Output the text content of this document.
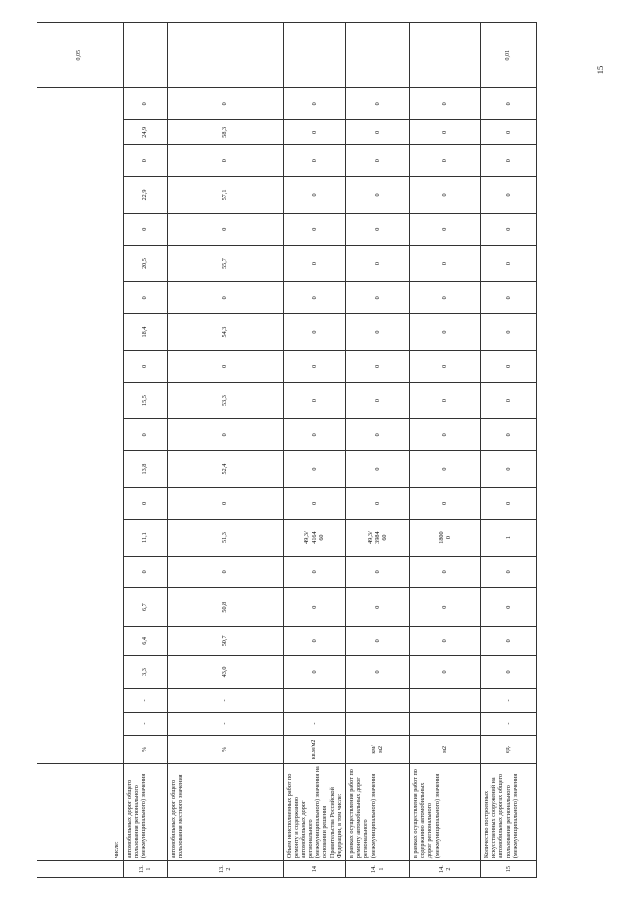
15
	числе:																						0,05
13.
1	автомобильных дорог общего пользования регионального (межмуниципального) значения	%	-	-	3,3	6,4	6,7	0	11,1	0	13,8	0	15,5	0	18,4	0	20,5	0	22,9	0	24,9	0	
13.
2	автомобильных дорог общего пользования местного значения	%	-	-	43,0	50,7	50,8	0	51,3	0	52,4	0	53,3	0	54,3	0	55,7	0	57,1	0	58,3	0	
14	Объем неисполненных работ по ремонту и содержанию автомобильных дорог регионального (межмуниципального) значения на основании решения Правительства Российской Федерации, в том числе:	кв.м/м2	-		0	0	0	0	49,3/
4164
60	0	0	0	0	0	0	0	0	0	0	0	0	0	
14.
1	в рамках осуществления работ по ремонту автомобильных дорог регионального (межмуниципального) значения	км/
м2			0	0	0	0	49,3/
3984
60	0	0	0	0	0	0	0	0	0	0	0	0	0	
14.
2	в рамках осуществления работ по содержанию автомобильных дорог регионального (межмуниципального) значения	м2			0	0	0	0	1800
0	0	0	0	0	0	0	0	0	0	0	0	0	0	
15	Количество построенных искусственных сооружений на автомобильных дорогах общего пользования регионального (межмуниципального) значения	ед.	-	-	0	0	0	0	1	0	0	0	0	0	0	0	0	0	0	0	0	0	0,01
